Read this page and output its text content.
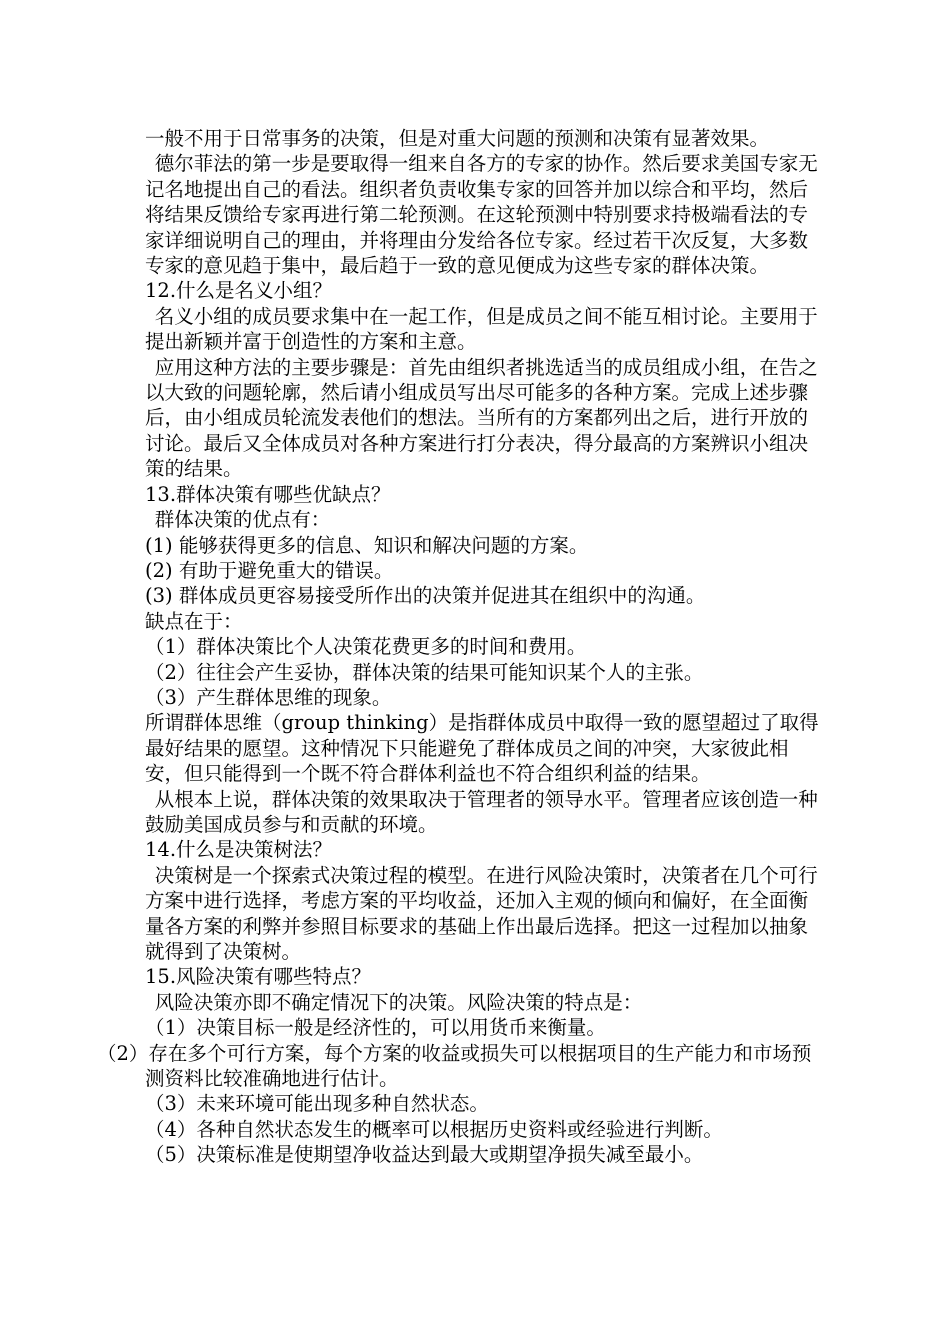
一般不用于日常事务的决策，但是对重大问题的预测和决策有显著效果。

德尔菲法的第一步是要取得一组来自各方的专家的协作。然后要求美国专家无记名地提出自己的看法。组织者负责收集专家的回答并加以综合和平均，然后将结果反馈给专家再进行第二轮预测。在这轮预测中特别要求持极端看法的专家详细说明自己的理由，并将理由分发给各位专家。经过若干次反复，大多数专家的意见趋于集中，最后趋于一致的意见便成为这些专家的群体决策。

12.什么是名义小组？

名义小组的成员要求集中在一起工作，但是成员之间不能互相讨论。主要用于提出新颖并富于创造性的方案和主意。

应用这种方法的主要步骤是：首先由组织者挑选适当的成员组成小组，在告之以大致的问题轮廓，然后请小组成员写出尽可能多的各种方案。完成上述步骤后，由小组成员轮流发表他们的想法。当所有的方案都列出之后，进行开放的讨论。最后又全体成员对各种方案进行打分表决，得分最高的方案辨识小组决策的结果。

13.群体决策有哪些优缺点？

群体决策的优点有：

(1) 能够获得更多的信息、知识和解决问题的方案。

(2) 有助于避免重大的错误。

(3) 群体成员更容易接受所作出的决策并促进其在组织中的沟通。

缺点在于：

（1）群体决策比个人决策花费更多的时间和费用。

（2）往往会产生妥协，群体决策的结果可能知识某个人的主张。

（3）产生群体思维的现象。

所谓群体思维（group thinking）是指群体成员中取得一致的愿望超过了取得最好结果的愿望。这种情况下只能避免了群体成员之间的冲突，大家彼此相安，但只能得到一个既不符合群体利益也不符合组织利益的结果。

从根本上说，群体决策的效果取决于管理者的领导水平。管理者应该创造一种鼓励美国成员参与和贡献的环境。

14.什么是决策树法？

决策树是一个探索式决策过程的模型。在进行风险决策时，决策者在几个可行方案中进行选择，考虑方案的平均收益，还加入主观的倾向和偏好，在全面衡量各方案的利弊并参照目标要求的基础上作出最后选择。把这一过程加以抽象就得到了决策树。

15.风险决策有哪些特点？

风险决策亦即不确定情况下的决策。风险决策的特点是：

（1）决策目标一般是经济性的，可以用货币来衡量。

（2）存在多个可行方案，每个方案的收益或损失可以根据项目的生产能力和市场预测资料比较准确地进行估计。

（3）未来环境可能出现多种自然状态。

（4）各种自然状态发生的概率可以根据历史资料或经验进行判断。

（5）决策标准是使期望净收益达到最大或期望净损失减至最小。
